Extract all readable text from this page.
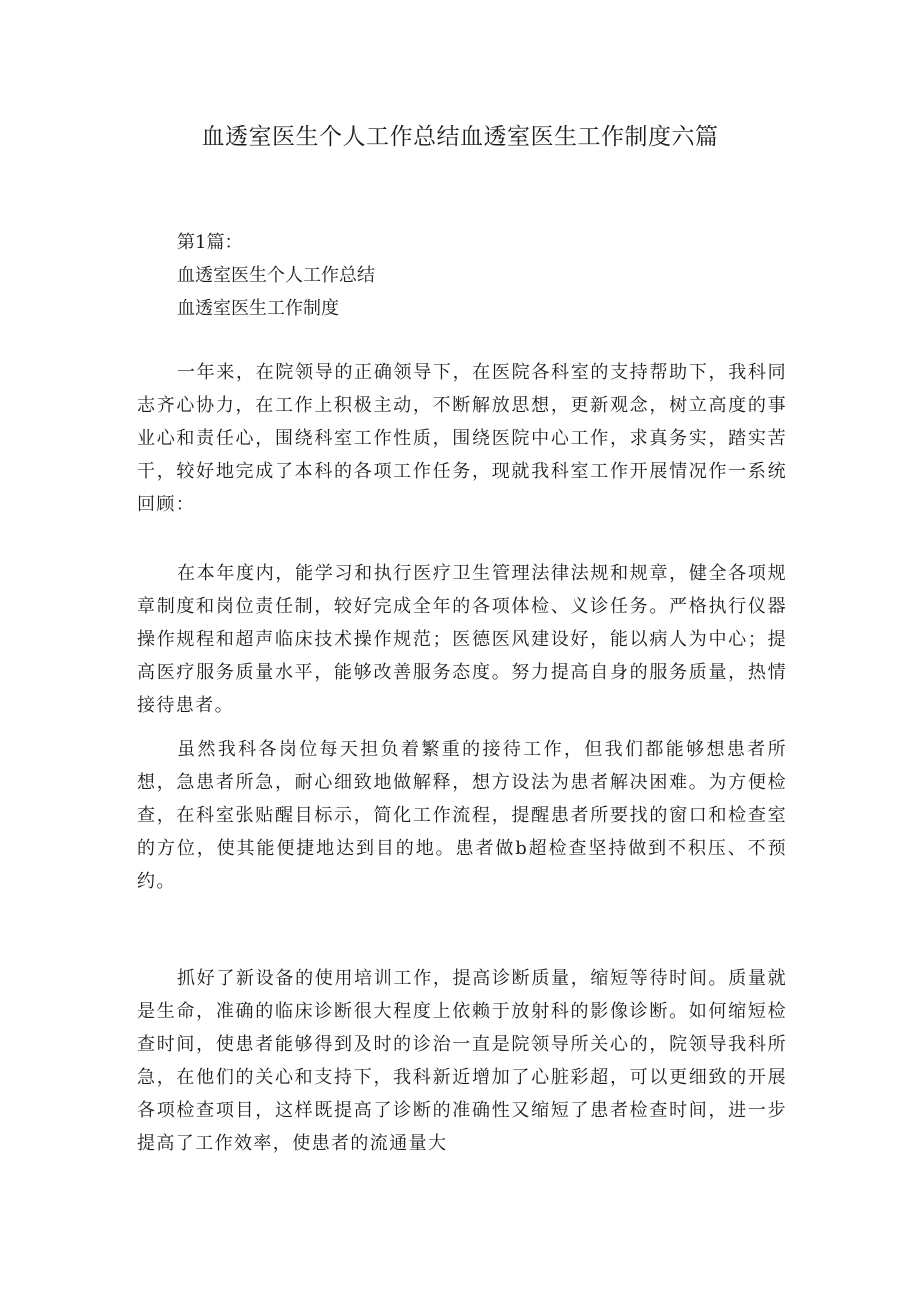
血透室医生个人工作总结血透室医生工作制度六篇
第1篇：
血透室医生个人工作总结
血透室医生工作制度

一年来，在院领导的正确领导下，在医院各科室的支持帮助下，我科同志齐心协力，在工作上积极主动，不断解放思想，更新观念，树立高度的事业心和责任心，围绕科室工作性质，围绕医院中心工作，求真务实，踏实苦干，较好地完成了本科的各项工作任务，现就我科室工作开展情况作一系统回顾：

在本年度内，能学习和执行医疗卫生管理法律法规和规章，健全各项规章制度和岗位责任制，较好完成全年的各项体检、义诊任务。严格执行仪器操作规程和超声临床技术操作规范；医德医风建设好，能以病人为中心；提高医疗服务质量水平，能够改善服务态度。努力提高自身的服务质量，热情接待患者。

虽然我科各岗位每天担负着繁重的接待工作，但我们都能够想患者所想，急患者所急，耐心细致地做解释，想方设法为患者解决困难。为方便检查，在科室张贴醒目标示，简化工作流程，提醒患者所要找的窗口和检查室的方位，使其能便捷地达到目的地。患者做b超检查坚持做到不积压、不预约。

抓好了新设备的使用培训工作，提高诊断质量，缩短等待时间。质量就是生命，准确的临床诊断很大程度上依赖于放射科的影像诊断。如何缩短检查时间，使患者能够得到及时的诊治一直是院领导所关心的，院领导我科所急，在他们的关心和支持下，我科新近增加了心脏彩超，可以更细致的开展各项检查项目，这样既提高了诊断的准确性又缩短了患者检查时间，进一步提高了工作效率，使患者的流通量大
